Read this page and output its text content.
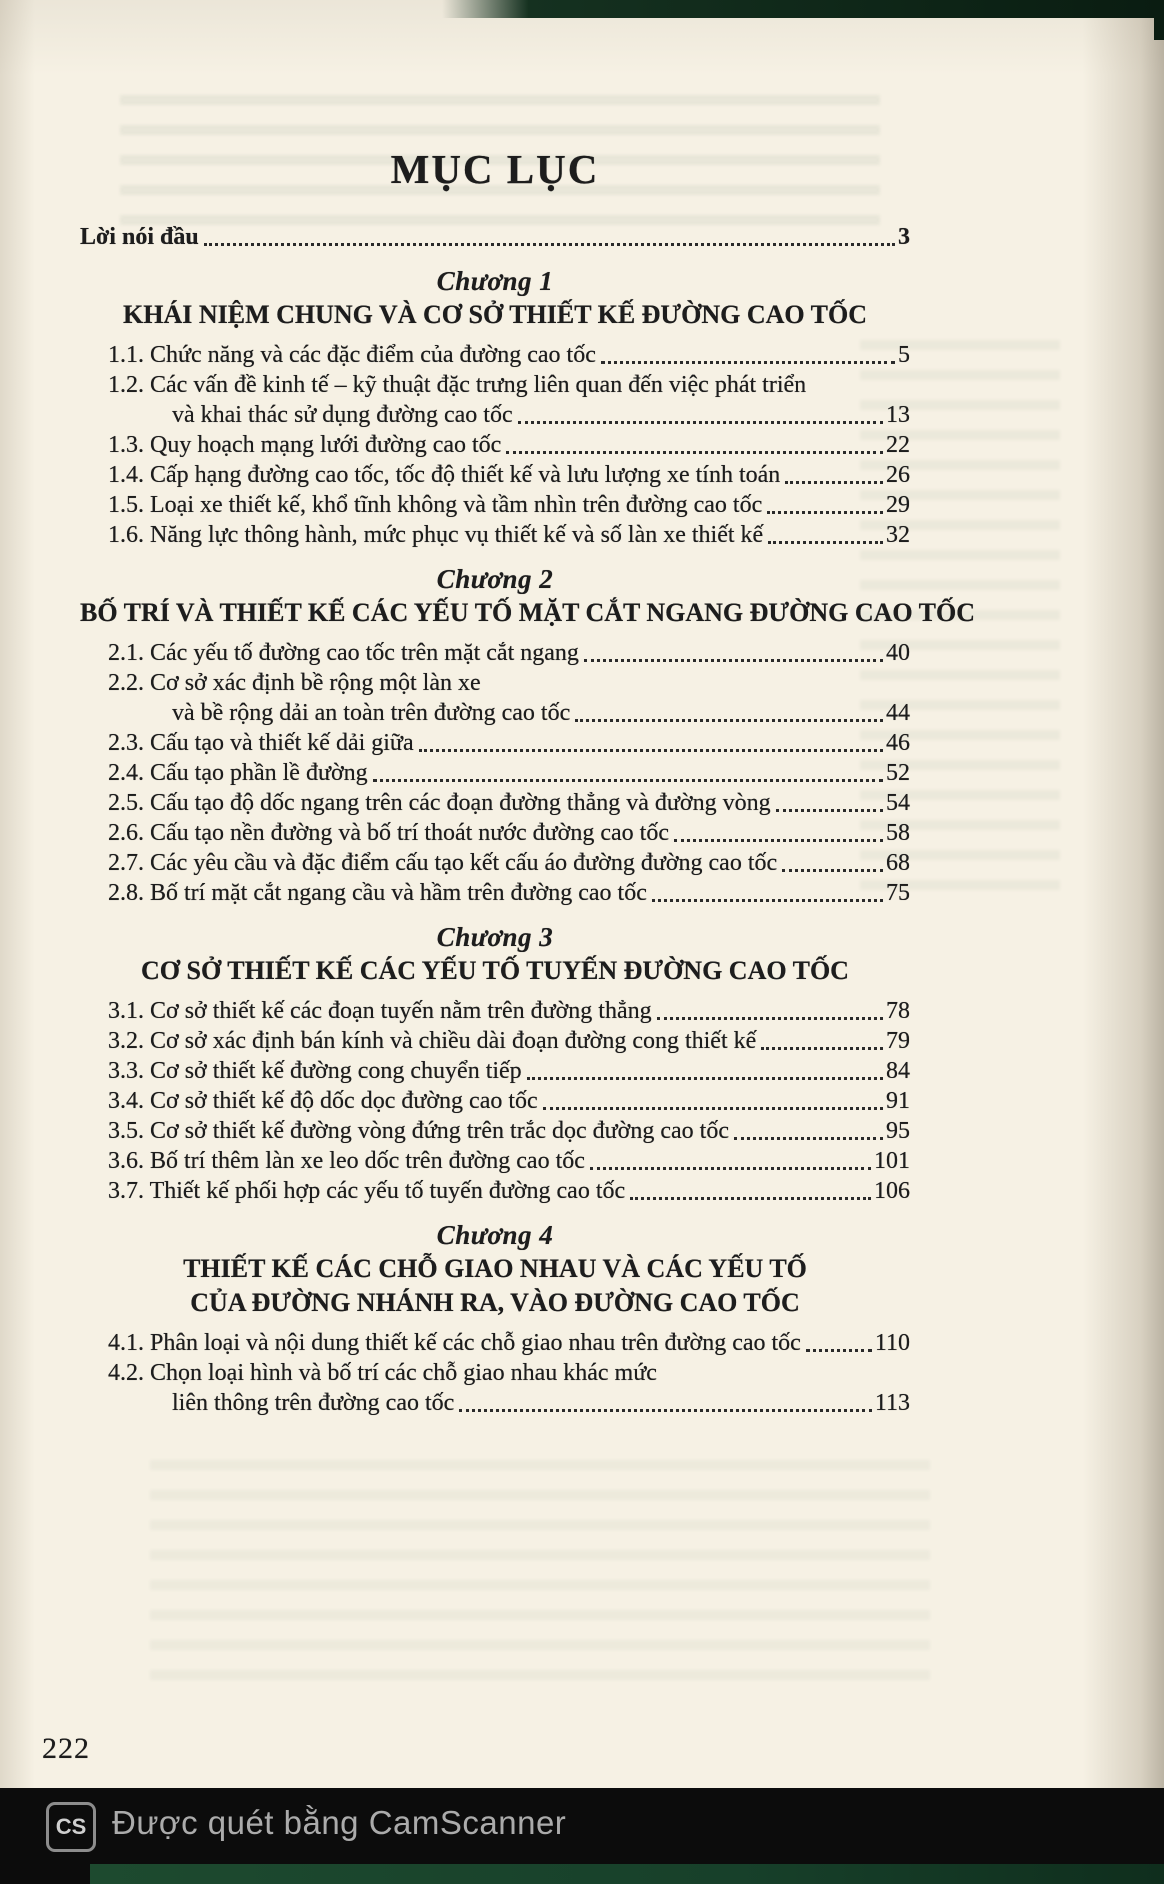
MỤC LỤC
Lời nói đầu	3
Chương 1
KHÁI NIỆM CHUNG VÀ CƠ SỞ THIẾT KẾ ĐƯỜNG CAO TỐC
1.1. Chức năng và các đặc điểm của đường cao tốc	5
1.2. Các vấn đề kinh tế – kỹ thuật đặc trưng liên quan đến việc phát triển
và khai thác sử dụng đường cao tốc	13
1.3. Quy hoạch mạng lưới đường cao tốc	22
1.4. Cấp hạng đường cao tốc, tốc độ thiết kế và lưu lượng xe tính toán	26
1.5. Loại xe thiết kế, khổ tĩnh không và tầm nhìn trên đường cao tốc	29
1.6. Năng lực thông hành, mức phục vụ thiết kế và số làn xe thiết kế	32
Chương 2
BỐ TRÍ VÀ THIẾT KẾ CÁC YẾU TỐ MẶT CẮT NGANG ĐƯỜNG CAO TỐC
2.1. Các yếu tố đường cao tốc trên mặt cắt ngang	40
2.2. Cơ sở xác định bề rộng một làn xe
và bề rộng dải an toàn trên đường cao tốc	44
2.3. Cấu tạo và thiết kế dải giữa	46
2.4. Cấu tạo phần lề đường	52
2.5. Cấu tạo độ dốc ngang trên các đoạn đường thẳng và đường vòng	54
2.6. Cấu tạo nền đường và bố trí thoát nước đường cao tốc	58
2.7. Các yêu cầu và đặc điểm cấu tạo kết cấu áo đường đường cao tốc	68
2.8. Bố trí mặt cắt ngang cầu và hầm trên đường cao tốc	75
Chương 3
CƠ SỞ THIẾT KẾ CÁC YẾU TỐ TUYẾN ĐƯỜNG CAO TỐC
3.1. Cơ sở thiết kế các đoạn tuyến nằm trên đường thẳng	78
3.2. Cơ sở xác định bán kính và chiều dài đoạn đường cong thiết kế	79
3.3. Cơ sở thiết kế đường cong chuyển tiếp	84
3.4. Cơ sở thiết kế độ dốc dọc đường cao tốc	91
3.5. Cơ sở thiết kế đường vòng đứng trên trắc dọc đường cao tốc	95
3.6. Bố trí thêm làn xe leo dốc trên đường cao tốc	101
3.7. Thiết kế phối hợp các yếu tố tuyến đường cao tốc	106
Chương 4
THIẾT KẾ CÁC CHỖ GIAO NHAU VÀ CÁC YẾU TỐ
CỦA ĐƯỜNG NHÁNH RA, VÀO ĐƯỜNG CAO TỐC
4.1. Phân loại và nội dung thiết kế các chỗ giao nhau trên đường cao tốc	110
4.2. Chọn loại hình và bố trí các chỗ giao nhau khác mức
liên thông trên đường cao tốc	113
222
CS Được quét bằng CamScanner
